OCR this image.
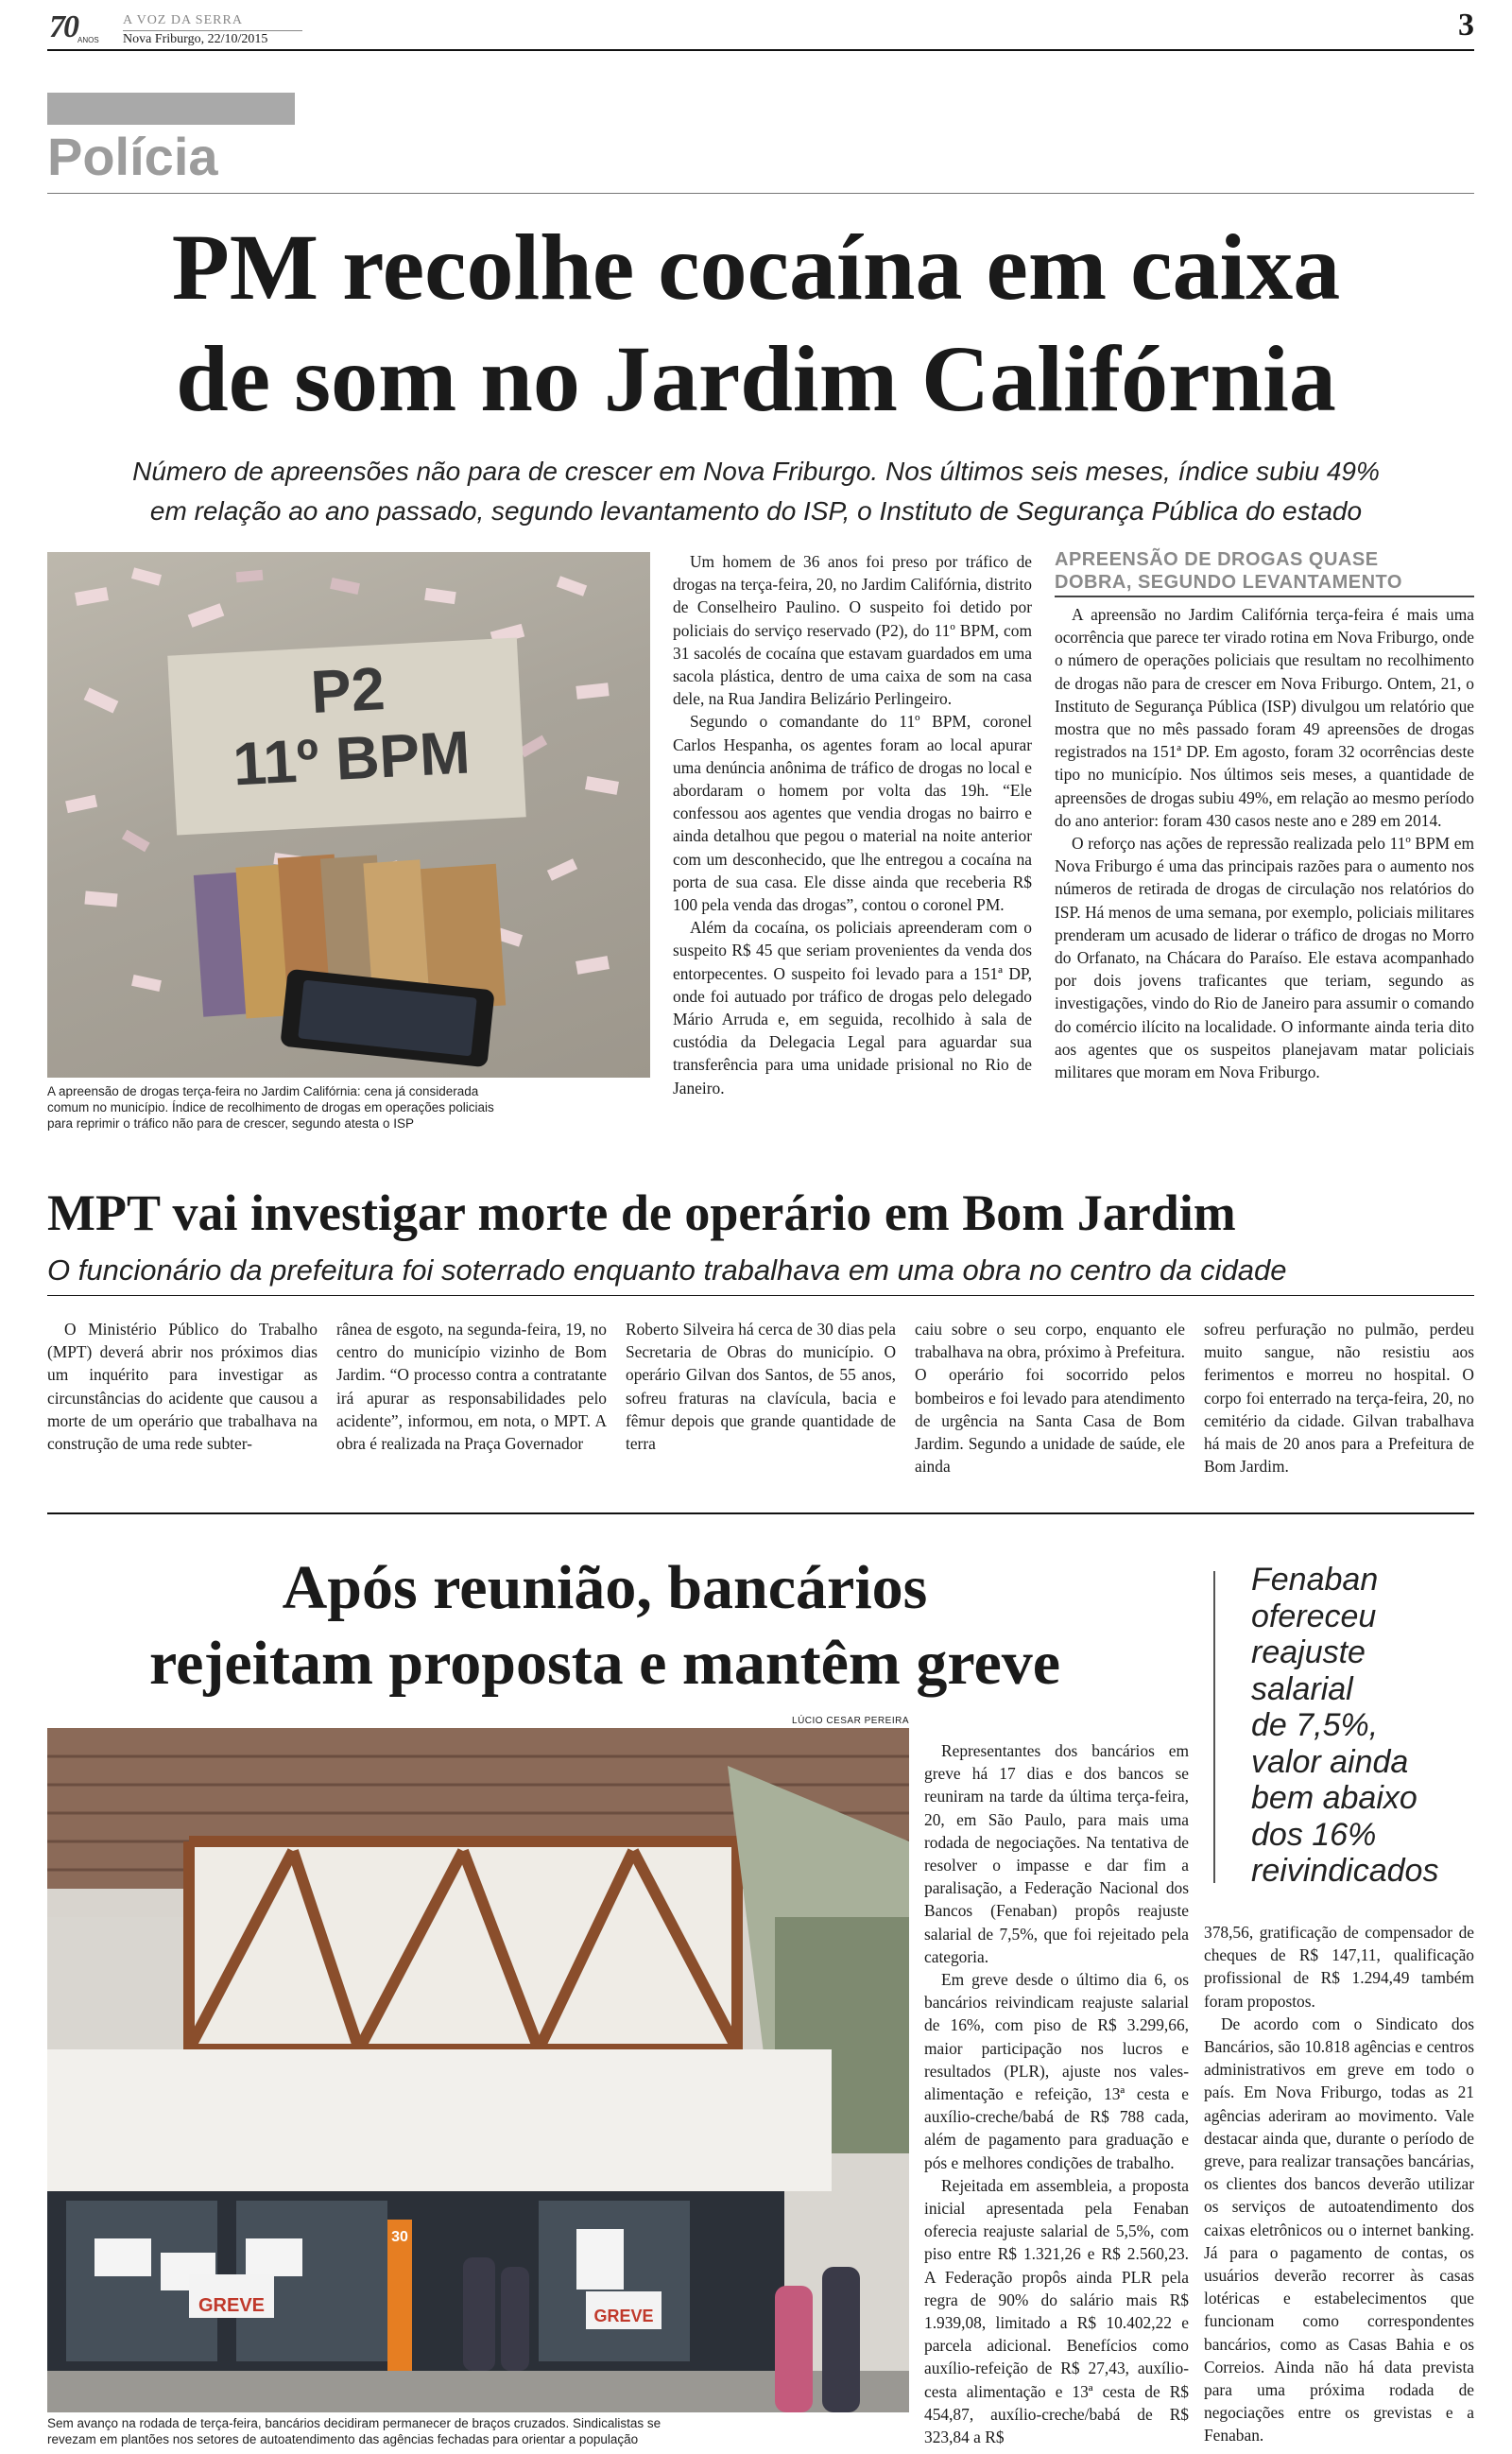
70 ANOS
A VOZ DA SERRA
Nova Friburgo, 22/10/2015	3
Polícia
PM recolhe cocaína em caixa
de som no Jardim Califórnia
Número de apreensões não para de crescer em Nova Friburgo. Nos últimos seis meses, índice subiu 49%
em relação ao ano passado, segundo levantamento do ISP, o Instituto de Segurança Pública do estado
P2
11º BPM
A apreensão de drogas terça-feira no Jardim Califórnia: cena já considerada comum no município. Índice de recolhimento de drogas em operações policiais para reprimir o tráfico não para de crescer, segundo atesta o ISP

Um homem de 36 anos foi preso por tráfico de drogas na terça-feira, 20, no Jardim Califórnia, distrito de Conselheiro Paulino. O suspeito foi detido por policiais do serviço reservado (P2), do 11º BPM, com 31 sacolés de cocaína que estavam guardados em uma sacola plástica, dentro de uma caixa de som na casa dele, na Rua Jandira Belizário Perlingeiro.

Segundo o comandante do 11º BPM, coronel Carlos Hespanha, os agentes foram ao local apurar uma denúncia anônima de tráfico de drogas no local e abordaram o homem por volta das 19h. “Ele confessou aos agentes que vendia drogas no bairro e ainda detalhou que pegou o material na noite anterior com um desconhecido, que lhe entregou a cocaína na porta de sua casa. Ele disse ainda que receberia R$ 100 pela venda das drogas”, contou o coronel PM.

Além da cocaína, os policiais apreenderam com o suspeito R$ 45 que seriam provenientes da venda dos entorpecentes. O suspeito foi levado para a 151ª DP, onde foi autuado por tráfico de drogas pelo delegado Mário Arruda e, em seguida, recolhido à sala de custódia da Delegacia Legal para aguardar sua transferência para uma unidade prisional no Rio de Janeiro.

APREENSÃO DE DROGAS QUASE
DOBRA, SEGUNDO LEVANTAMENTO

A apreensão no Jardim Califórnia terça-feira é mais uma ocorrência que parece ter virado rotina em Nova Friburgo, onde o número de operações policiais que resultam no recolhimento de drogas não para de crescer em Nova Friburgo. Ontem, 21, o Instituto de Segurança Pública (ISP) divulgou um relatório que mostra que no mês passado foram 49 apreensões de drogas registrados na 151ª DP. Em agosto, foram 32 ocorrências deste tipo no município. Nos últimos seis meses, a quantidade de apreensões de drogas subiu 49%, em relação ao mesmo período do ano anterior: foram 430 casos neste ano e 289 em 2014.

O reforço nas ações de repressão realizada pelo 11º BPM em Nova Friburgo é uma das principais razões para o aumento nos números de retirada de drogas de circulação nos relatórios do ISP. Há menos de uma semana, por exemplo, policiais militares prenderam um acusado de liderar o tráfico de drogas no Morro do Orfanato, na Chácara do Paraíso. Ele estava acompanhado por dois jovens traficantes que teriam, segundo as investigações, vindo do Rio de Janeiro para assumir o comando do comércio ilícito na localidade. O informante ainda teria dito aos agentes que os suspeitos planejavam matar policiais militares que moram em Nova Friburgo.

MPT vai investigar morte de operário em Bom Jardim
O funcionário da prefeitura foi soterrado enquanto trabalhava em uma obra no centro da cidade

O Ministério Público do Trabalho (MPT) deverá abrir nos próximos dias um inquérito para investigar as circunstâncias do acidente que causou a morte de um operário que trabalhava na construção de uma rede subter-

rânea de esgoto, na segunda-feira, 19, no centro do município vizinho de Bom Jardim. “O processo contra a contratante irá apurar as responsabilidades pelo acidente”, informou, em nota, o MPT. A obra é realizada na Praça Governador

Roberto Silveira há cerca de 30 dias pela Secretaria de Obras do município. O operário Gilvan dos Santos, de 55 anos, sofreu fraturas na clavícula, bacia e fêmur depois que grande quantidade de terra

caiu sobre o seu corpo, enquanto ele trabalhava na obra, próximo à Prefeitura. O operário foi socorrido pelos bombeiros e foi levado para atendimento de urgência na Santa Casa de Bom Jardim. Segundo a unidade de saúde, ele ainda

sofreu perfuração no pulmão, perdeu muito sangue, não resistiu aos ferimentos e morreu no hospital. O corpo foi enterrado na terça-feira, 20, no cemitério da cidade. Gilvan trabalhava há mais de 20 anos para a Prefeitura de Bom Jardim.

Após reunião, bancários
rejeitam proposta e mantêm greve
Fenaban
ofereceu
reajuste
salarial
de 7,5%,
valor ainda
bem abaixo
dos 16%
reivindicados
LÚCIO CESAR PEREIRA
GREVE	GREVE
30
Sem avanço na rodada de terça-feira, bancários decidiram permanecer de braços cruzados. Sindicalistas se revezam em plantões nos setores de autoatendimento das agências fechadas para orientar a população

Representantes dos bancários em greve há 17 dias e dos bancos se reuniram na tarde da última terça-feira, 20, em São Paulo, para mais uma rodada de negociações. Na tentativa de resolver o impasse e dar fim a paralisação, a Federação Nacional dos Bancos (Fenaban) propôs reajuste salarial de 7,5%, que foi rejeitado pela categoria.

Em greve desde o último dia 6, os bancários reivindicam reajuste salarial de 16%, com piso de R$ 3.299,66, maior participação nos lucros e resultados (PLR), ajuste nos vales-alimentação e refeição, 13ª cesta e auxílio-creche/babá de R$ 788 cada, além de pagamento para graduação e pós e melhores condições de trabalho.

Rejeitada em assembleia, a proposta inicial apresentada pela Fenaban oferecia reajuste salarial de 5,5%, com piso entre R$ 1.321,26 e R$ 2.560,23. A Federação propôs ainda PLR pela regra de 90% do salário mais R$ 1.939,08, limitado a R$ 10.402,22 e parcela adicional. Benefícios como auxílio-refeição de R$ 27,43, auxílio-cesta alimentação e 13ª cesta de R$ 454,87, auxílio-creche/babá de R$ 323,84 a R$

378,56, gratificação de compensador de cheques de R$ 147,11, qualificação profissional de R$ 1.294,49 também foram propostos.

De acordo com o Sindicato dos Bancários, são 10.818 agências e centros administrativos em greve em todo o país. Em Nova Friburgo, todas as 21 agências aderiram ao movimento. Vale destacar ainda que, durante o período de greve, para realizar transações bancárias, os clientes dos bancos deverão utilizar os serviços de autoatendimento dos caixas eletrônicos ou o internet banking. Já para o pagamento de contas, os usuários deverão recorrer às casas lotéricas e estabelecimentos que funcionam como correspondentes bancários, como as Casas Bahia e os Correios. Ainda não há data prevista para uma próxima rodada de negociações entre os grevistas e a Fenaban.
